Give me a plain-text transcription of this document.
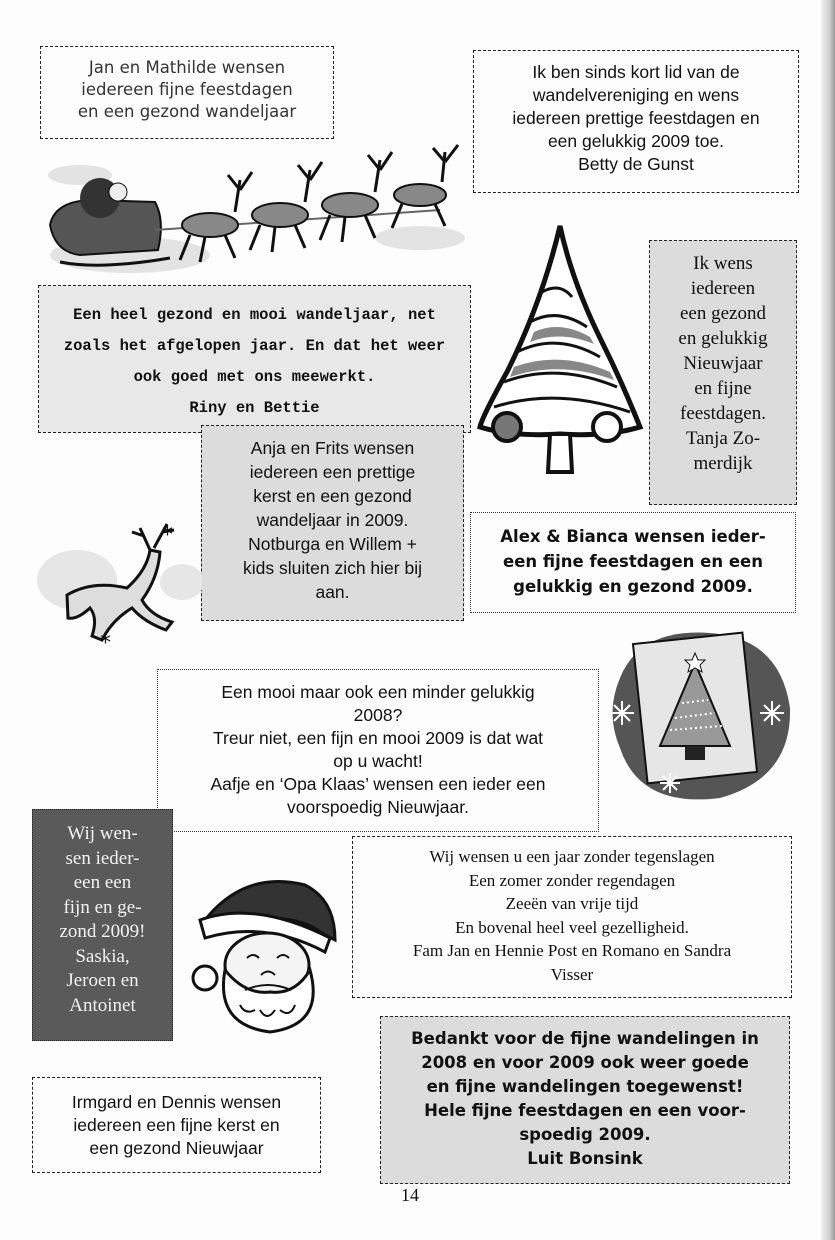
Jan en Mathilde wensen
iedereen fijne feestdagen
en een gezond wandeljaar
Ik ben sinds kort lid van de
wandelvereniging en wens
iedereen prettige feestdagen en
een gelukkig 2009 toe.
Betty de Gunst
Een heel gezond en mooi wandeljaar, net
zoals het afgelopen jaar. En dat het weer
ook goed met ons meewerkt.
Riny en Bettie
Ik wens
iedereen
een gezond
en gelukkig
Nieuwjaar
en fijne
feestdagen.
Tanja Zo-
merdijk
Anja en Frits wensen
iedereen een prettige
kerst en een gezond
wandeljaar in 2009.
Notburga en Willem +
kids sluiten zich hier bij
aan.
*
*
Alex & Bianca wensen ieder-
een fijne feestdagen en een
gelukkig en gezond 2009.
Een mooi maar ook een minder gelukkig
2008?
Treur niet, een fijn en mooi 2009 is dat wat
op u wacht!
Aafje en ‘Opa Klaas’ wensen een ieder een
voorspoedig Nieuwjaar.
Wij wen-
sen ieder-
een een
fijn en ge-
zond 2009!
Saskia,
Jeroen en
Antoinet
Wij wensen u een jaar zonder tegenslagen
Een zomer zonder regendagen
Zeeën van vrije tijd
En bovenal heel veel gezelligheid.
Fam Jan en Hennie Post en Romano en Sandra
Visser
Bedankt voor de fijne wandelingen in
2008 en voor 2009 ook weer goede
en fijne wandelingen toegewenst!
Hele fijne feestdagen en een voor-
spoedig 2009.
Luit Bonsink
Irmgard en Dennis wensen
iedereen een fijne kerst en
een gezond Nieuwjaar
14
